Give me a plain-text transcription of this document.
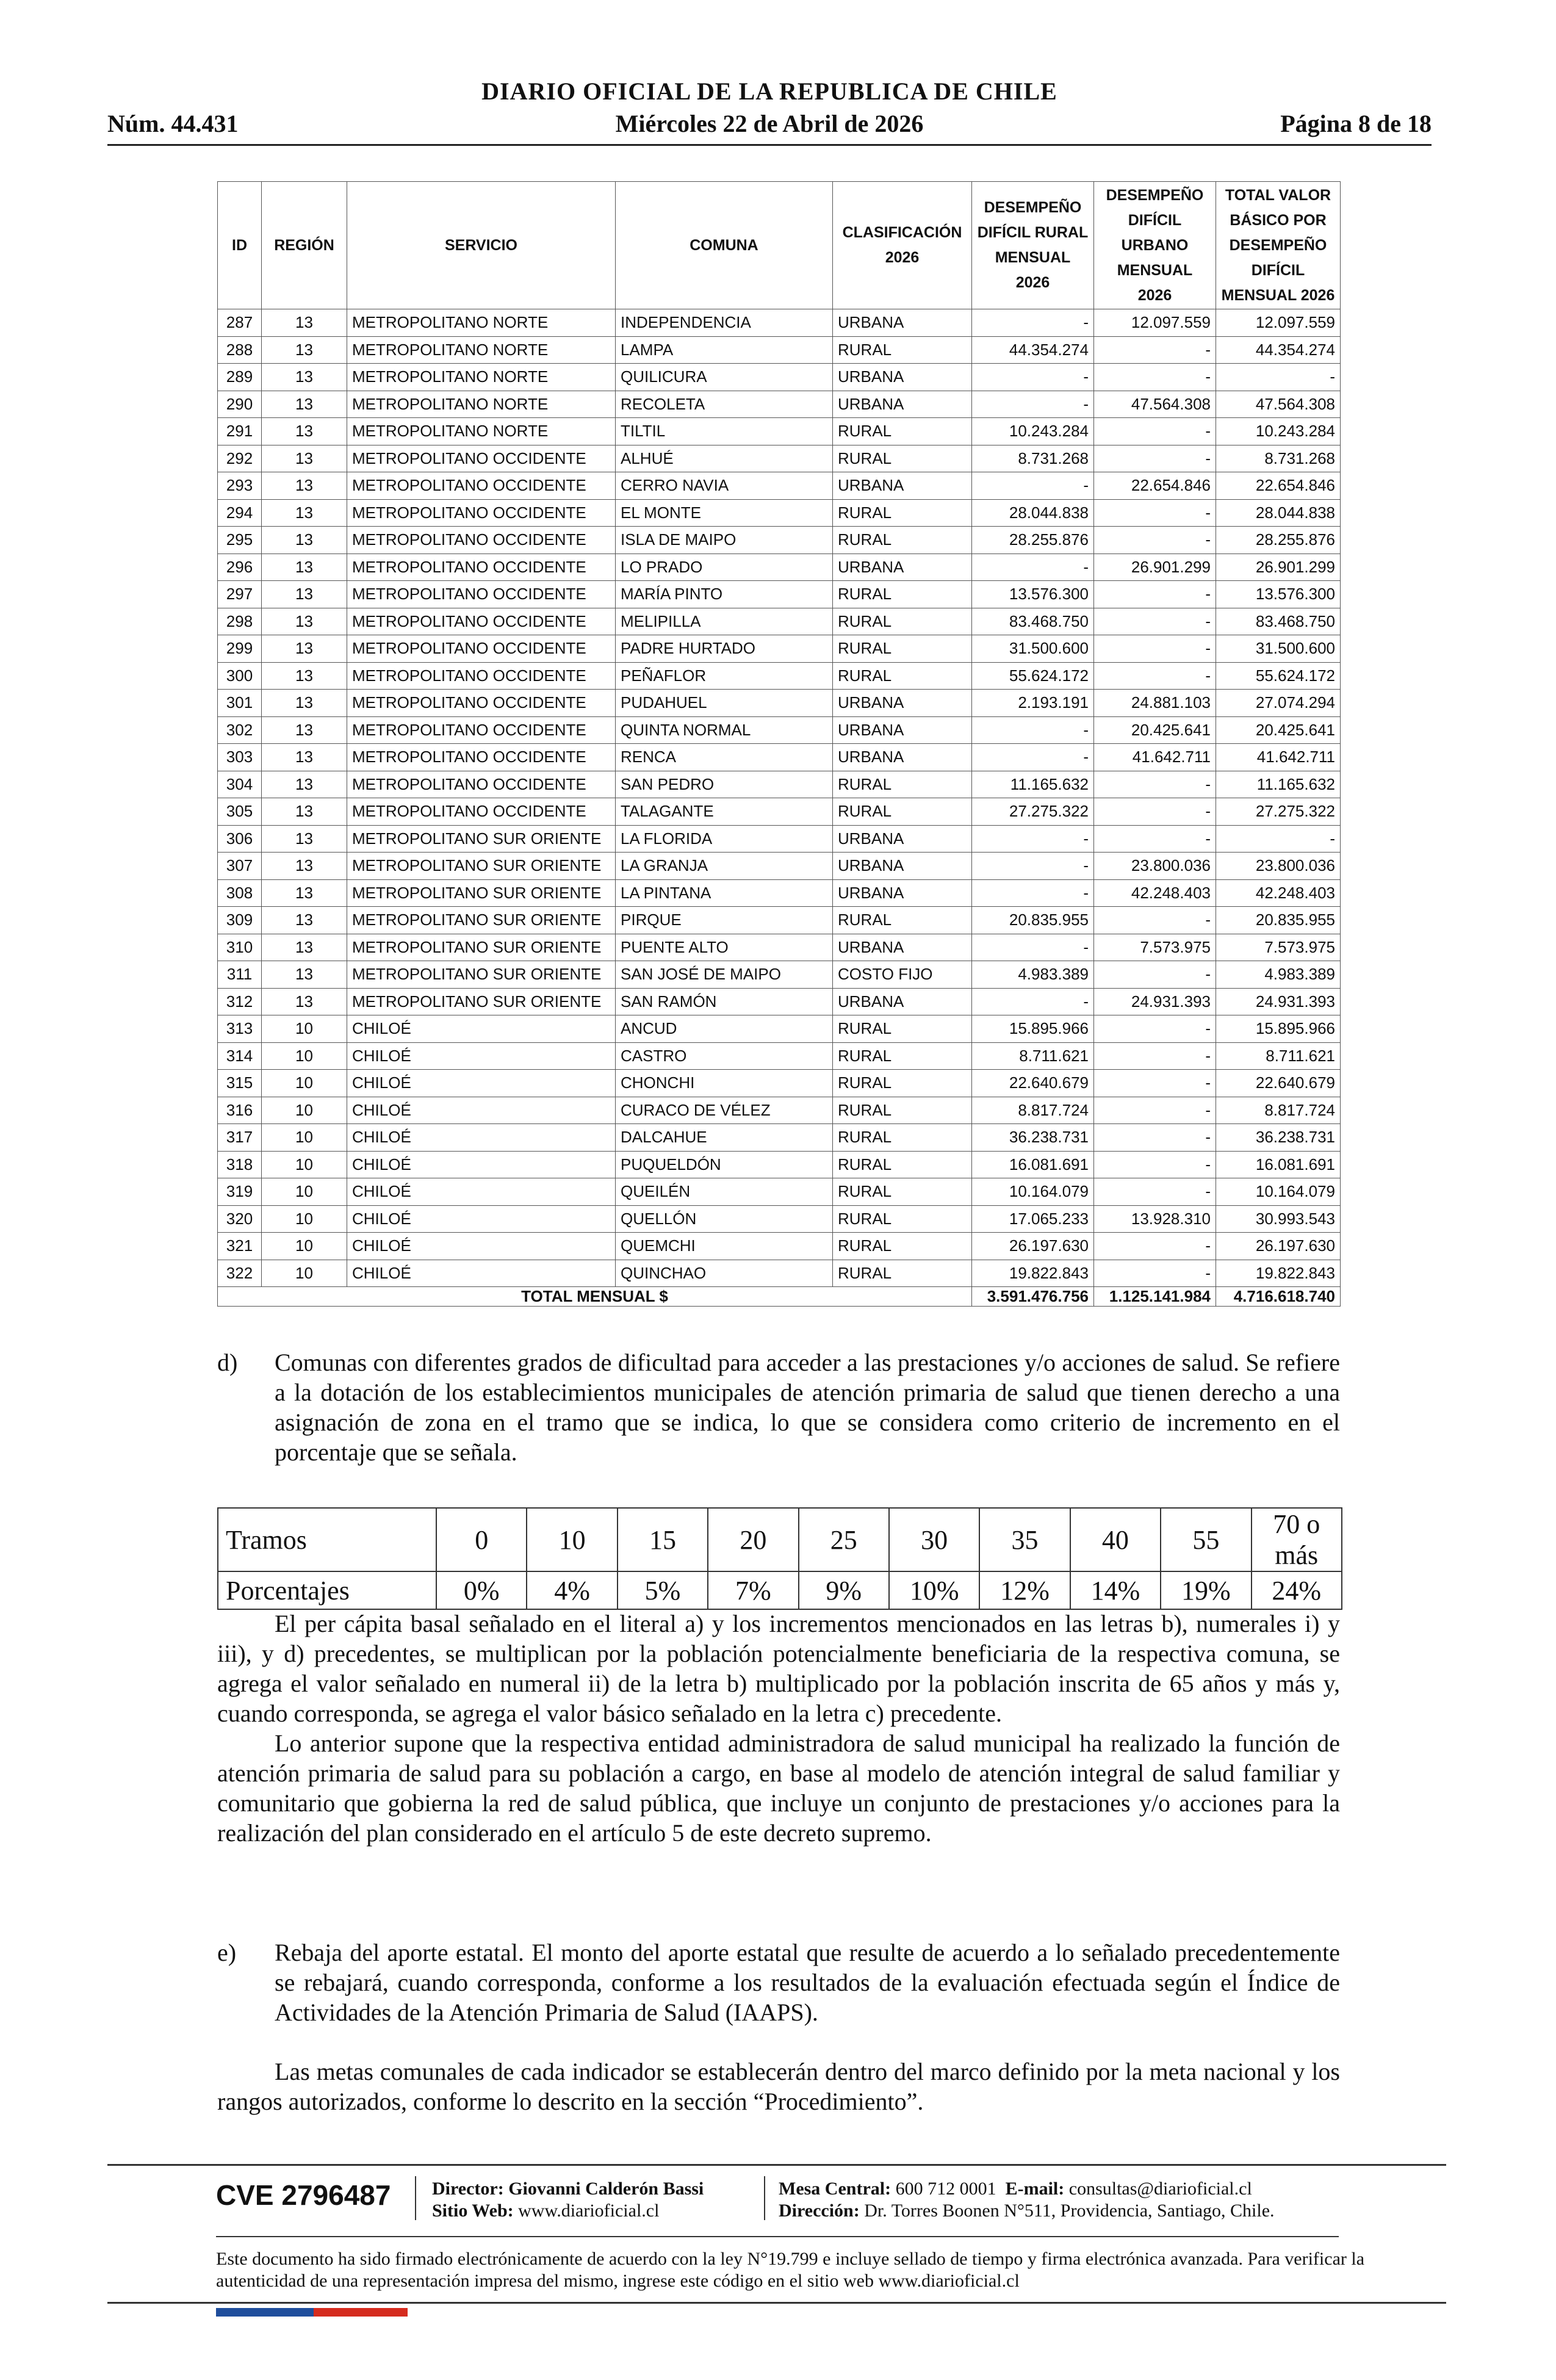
DIARIO OFICIAL DE LA REPUBLICA DE CHILE
Núm. 44.431	Miércoles 22 de Abril de 2026	Página 8 de 18
ID	REGIÓN	SERVICIO	COMUNA	CLASIFICACIÓN 2026	DESEMPEÑO DIFÍCIL RURAL MENSUAL 2026	DESEMPEÑO DIFÍCIL URBANO MENSUAL 2026	TOTAL VALOR BÁSICO POR DESEMPEÑO DIFÍCIL MENSUAL 2026
287	13	METROPOLITANO NORTE	INDEPENDENCIA	URBANA	-	12.097.559	12.097.559
288	13	METROPOLITANO NORTE	LAMPA	RURAL	44.354.274	-	44.354.274
289	13	METROPOLITANO NORTE	QUILICURA	URBANA	-	-	-
290	13	METROPOLITANO NORTE	RECOLETA	URBANA	-	47.564.308	47.564.308
291	13	METROPOLITANO NORTE	TILTIL	RURAL	10.243.284	-	10.243.284
292	13	METROPOLITANO OCCIDENTE	ALHUÉ	RURAL	8.731.268	-	8.731.268
293	13	METROPOLITANO OCCIDENTE	CERRO NAVIA	URBANA	-	22.654.846	22.654.846
294	13	METROPOLITANO OCCIDENTE	EL MONTE	RURAL	28.044.838	-	28.044.838
295	13	METROPOLITANO OCCIDENTE	ISLA DE MAIPO	RURAL	28.255.876	-	28.255.876
296	13	METROPOLITANO OCCIDENTE	LO PRADO	URBANA	-	26.901.299	26.901.299
297	13	METROPOLITANO OCCIDENTE	MARÍA PINTO	RURAL	13.576.300	-	13.576.300
298	13	METROPOLITANO OCCIDENTE	MELIPILLA	RURAL	83.468.750	-	83.468.750
299	13	METROPOLITANO OCCIDENTE	PADRE HURTADO	RURAL	31.500.600	-	31.500.600
300	13	METROPOLITANO OCCIDENTE	PEÑAFLOR	RURAL	55.624.172	-	55.624.172
301	13	METROPOLITANO OCCIDENTE	PUDAHUEL	URBANA	2.193.191	24.881.103	27.074.294
302	13	METROPOLITANO OCCIDENTE	QUINTA NORMAL	URBANA	-	20.425.641	20.425.641
303	13	METROPOLITANO OCCIDENTE	RENCA	URBANA	-	41.642.711	41.642.711
304	13	METROPOLITANO OCCIDENTE	SAN PEDRO	RURAL	11.165.632	-	11.165.632
305	13	METROPOLITANO OCCIDENTE	TALAGANTE	RURAL	27.275.322	-	27.275.322
306	13	METROPOLITANO SUR ORIENTE	LA FLORIDA	URBANA	-	-	-
307	13	METROPOLITANO SUR ORIENTE	LA GRANJA	URBANA	-	23.800.036	23.800.036
308	13	METROPOLITANO SUR ORIENTE	LA PINTANA	URBANA	-	42.248.403	42.248.403
309	13	METROPOLITANO SUR ORIENTE	PIRQUE	RURAL	20.835.955	-	20.835.955
310	13	METROPOLITANO SUR ORIENTE	PUENTE ALTO	URBANA	-	7.573.975	7.573.975
311	13	METROPOLITANO SUR ORIENTE	SAN JOSÉ DE MAIPO	COSTO FIJO	4.983.389	-	4.983.389
312	13	METROPOLITANO SUR ORIENTE	SAN RAMÓN	URBANA	-	24.931.393	24.931.393
313	10	CHILOÉ	ANCUD	RURAL	15.895.966	-	15.895.966
314	10	CHILOÉ	CASTRO	RURAL	8.711.621	-	8.711.621
315	10	CHILOÉ	CHONCHI	RURAL	22.640.679	-	22.640.679
316	10	CHILOÉ	CURACO DE VÉLEZ	RURAL	8.817.724	-	8.817.724
317	10	CHILOÉ	DALCAHUE	RURAL	36.238.731	-	36.238.731
318	10	CHILOÉ	PUQUELDÓN	RURAL	16.081.691	-	16.081.691
319	10	CHILOÉ	QUEILÉN	RURAL	10.164.079	-	10.164.079
320	10	CHILOÉ	QUELLÓN	RURAL	17.065.233	13.928.310	30.993.543
321	10	CHILOÉ	QUEMCHI	RURAL	26.197.630	-	26.197.630
322	10	CHILOÉ	QUINCHAO	RURAL	19.822.843	-	19.822.843
TOTAL MENSUAL $					3.591.476.756	1.125.141.984	4.716.618.740
d) Comunas con diferentes grados de dificultad para acceder a las prestaciones y/o acciones de salud. Se refiere a la dotación de los establecimientos municipales de atención primaria de salud que tienen derecho a una asignación de zona en el tramo que se indica, lo que se considera como criterio de incremento en el porcentaje que se señala.
Tramos	0	10	15	20	25	30	35	40	55	70 o más
Porcentajes	0%	4%	5%	7%	9%	10%	12%	14%	19%	24%

El per cápita basal señalado en el literal a) y los incrementos mencionados en las letras b), numerales i) y iii), y d) precedentes, se multiplican por la población potencialmente beneficiaria de la respectiva comuna, se agrega el valor señalado en numeral ii) de la letra b) multiplicado por la población inscrita de 65 años y más y, cuando corresponda, se agrega el valor básico señalado en la letra c) precedente.

Lo anterior supone que la respectiva entidad administradora de salud municipal ha realizado la función de atención primaria de salud para su población a cargo, en base al modelo de atención integral de salud familiar y comunitario que gobierna la red de salud pública, que incluye un conjunto de prestaciones y/o acciones para la realización del plan considerado en el artículo 5 de este decreto supremo.

e) Rebaja del aporte estatal. El monto del aporte estatal que resulte de acuerdo a lo señalado precedentemente se rebajará, cuando corresponda, conforme a los resultados de la evaluación efectuada según el Índice de Actividades de la Atención Primaria de Salud (IAAPS).

Las metas comunales de cada indicador se establecerán dentro del marco definido por la meta nacional y los rangos autorizados, conforme lo descrito en la sección “Procedimiento”.

CVE 2796487 Director: Giovanni Calderón Bassi
Sitio Web: www.diarioficial.cl
Mesa Central: 600 712 0001 E-mail: consultas@diarioficial.cl
Dirección: Dr. Torres Boonen N°511, Providencia, Santiago, Chile.
Este documento ha sido firmado electrónicamente de acuerdo con la ley N°19.799 e incluye sellado de tiempo y firma electrónica avanzada. Para verificar la autenticidad de una representación impresa del mismo, ingrese este código en el sitio web www.diarioficial.cl
